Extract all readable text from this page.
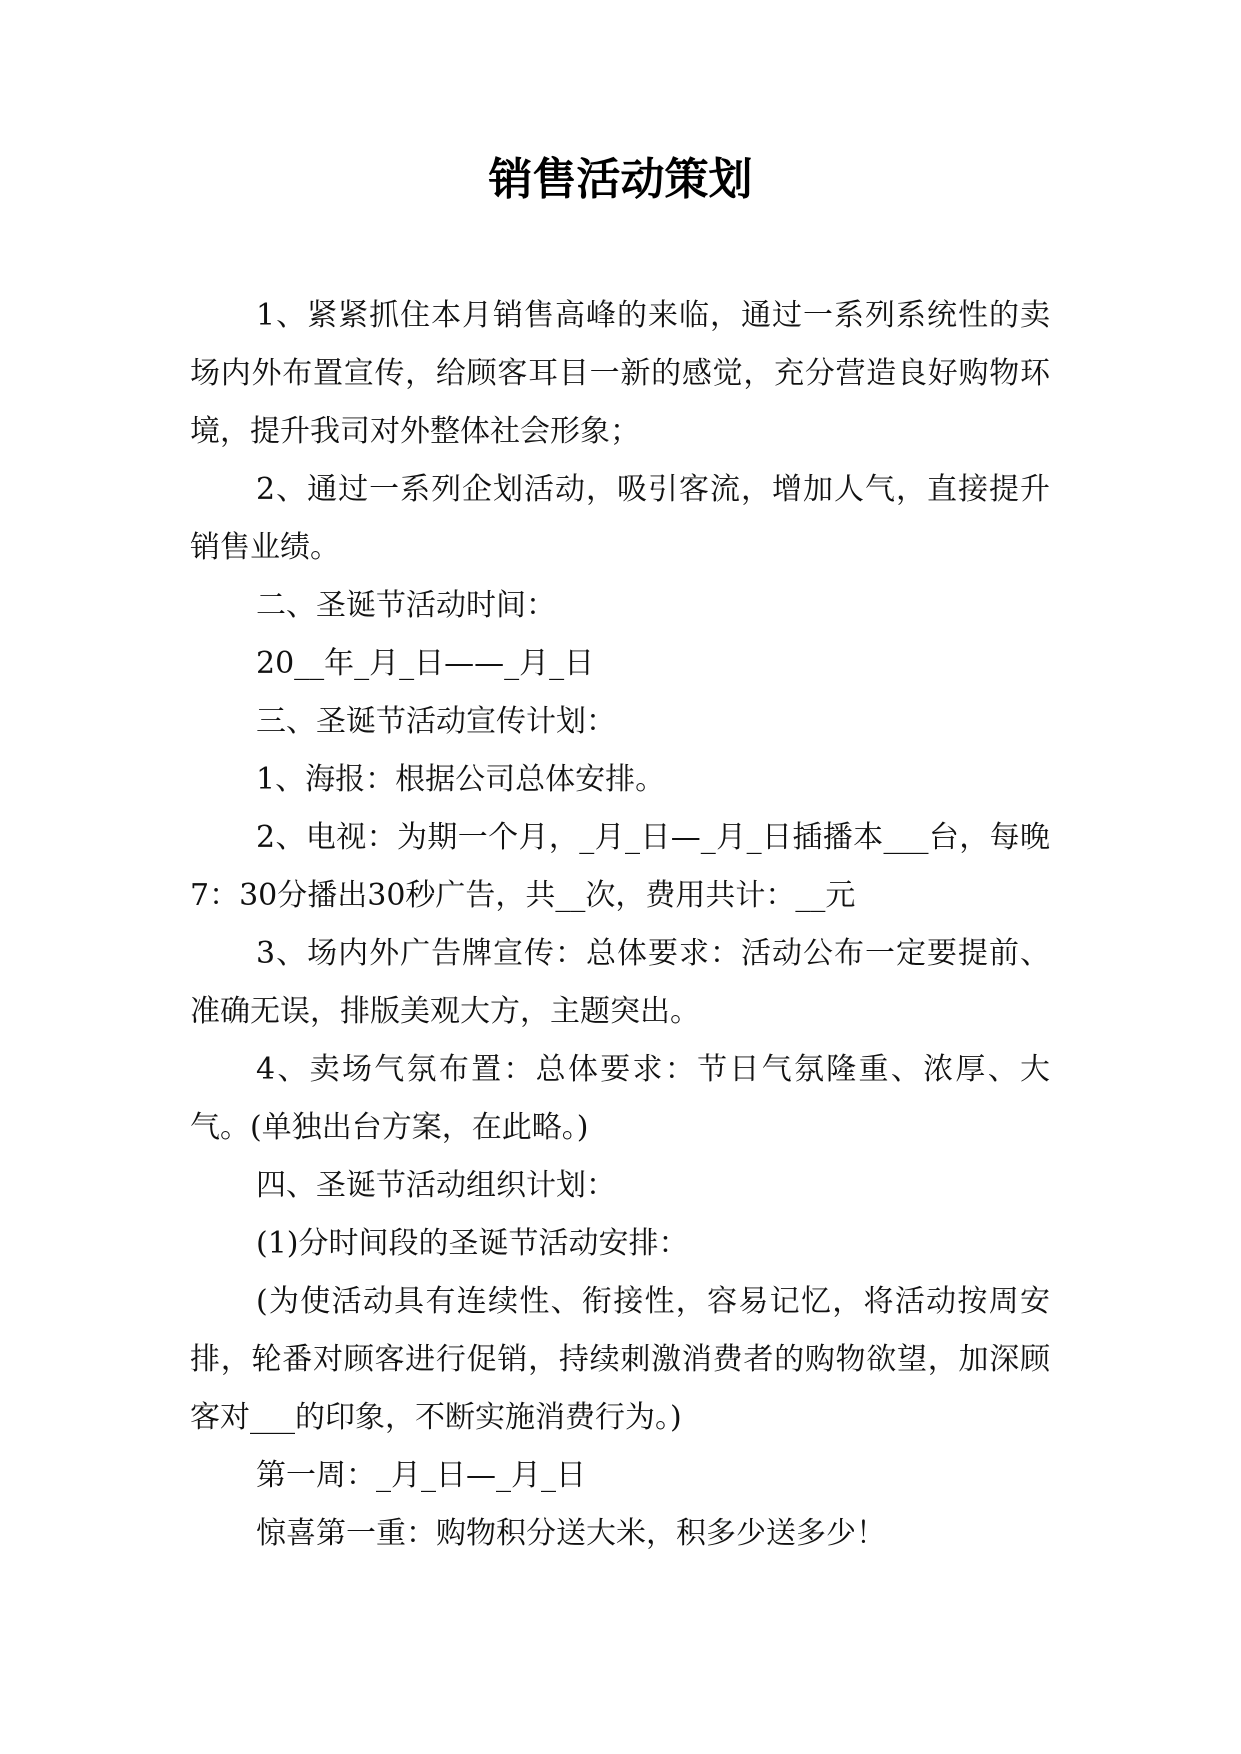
销售活动策划

1、紧紧抓住本月销售高峰的来临，通过一系列系统性的卖场内外布置宣传，给顾客耳目一新的感觉，充分营造良好购物环境，提升我司对外整体社会形象；

2、通过一系列企划活动，吸引客流，增加人气，直接提升销售业绩。

二、圣诞节活动时间：

20__年_月_日——_月_日

三、圣诞节活动宣传计划：

1、海报：根据公司总体安排。

2、电视：为期一个月，_月_日—_月_日插播本___台，每晚7：30分播出30秒广告，共__次，费用共计：__元

3、场内外广告牌宣传：总体要求：活动公布一定要提前、准确无误，排版美观大方，主题突出。

4、卖场气氛布置：总体要求：节日气氛隆重、浓厚、大气。(单独出台方案，在此略。)

四、圣诞节活动组织计划：

(1)分时间段的圣诞节活动安排：

(为使活动具有连续性、衔接性，容易记忆，将活动按周安排，轮番对顾客进行促销，持续刺激消费者的购物欲望，加深顾客对___的印象，不断实施消费行为。)

第一周：_月_日—_月_日

惊喜第一重：购物积分送大米，积多少送多少！
